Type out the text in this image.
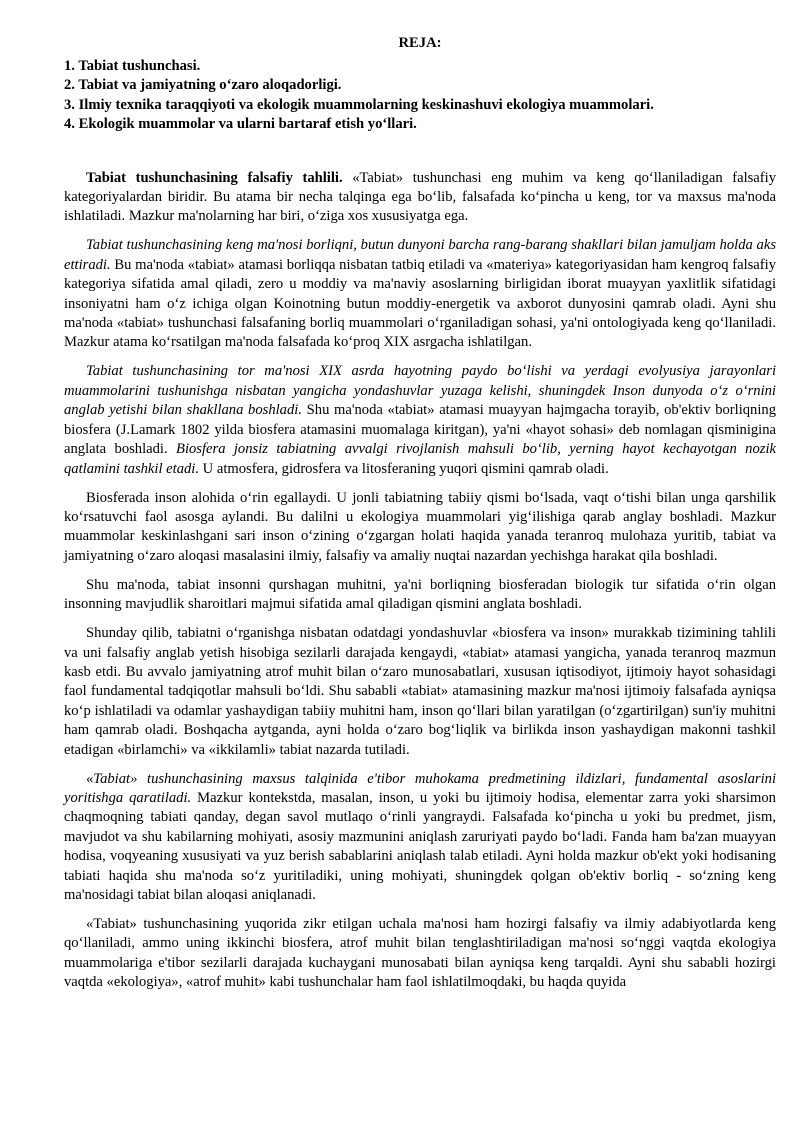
REJA:
1. Tabiat tushunchasi.
2. Tabiat va jamiyatning o‘zaro aloqadorligi.
3. Ilmiy texnika taraqqiyoti va ekologik muammolarning keskinashuvi ekologiya muammolari.
4. Ekologik muammolar va ularni bartaraf etish yo‘llari.

Tabiat tushunchasining falsafiy tahlili. «Tabiat» tushunchasi eng muhim va keng qo‘llaniladigan falsafiy kategoriyalardan biridir. Bu atama bir necha talqinga ega bo‘lib, falsafada ko‘pincha u keng, tor va maxsus ma'noda ishlatiladi. Mazkur ma'nolarning har biri, o‘ziga xos xususiyatga ega.

Tabiat tushunchasining keng ma'nosi borliqni, butun dunyoni barcha rang-barang shakllari bilan jamuljam holda aks ettiradi. Bu ma'noda «tabiat» atamasi borliqqa nisbatan tatbiq etiladi va «materiya» kategoriyasidan ham kengroq falsafiy kategoriya sifatida amal qiladi, zero u moddiy va ma'naviy asoslarning birligidan iborat muayyan yaxlitlik sifatidagi insoniyatni ham o‘z ichiga olgan Koinotning butun moddiy-energetik va axborot dunyosini qamrab oladi. Ayni shu ma'noda «tabiat» tushunchasi falsafaning borliq muammolari o‘rganiladigan sohasi, ya'ni ontologiyada keng qo‘llaniladi. Mazkur atama ko‘rsatilgan ma'noda falsafada ko‘proq XIX asrgacha ishlatilgan.

Tabiat tushunchasining tor ma'nosi XIX asrda hayotning paydo bo‘lishi va yerdagi evolyusiya jarayonlari muammolarini tushunishga nisbatan yangicha yondashuvlar yuzaga kelishi, shuningdek Inson dunyoda o‘z o‘rnini anglab yetishi bilan shakllana boshladi. Shu ma'noda «tabiat» atamasi muayyan hajmgacha torayib, ob'ektiv borliqning biosfera (J.Lamark 1802 yilda biosfera atamasini muomalaga kiritgan), ya'ni «hayot sohasi» deb nomlagan qisminigina anglata boshladi. Biosfera jonsiz tabiatning avvalgi rivojlanish mahsuli bo‘lib, yerning hayot kechayotgan nozik qatlamini tashkil etadi. U atmosfera, gidrosfera va litosferaning yuqori qismini qamrab oladi.

Biosferada inson alohida o‘rin egallaydi. U jonli tabiatning tabiiy qismi bo‘lsada, vaqt o‘tishi bilan unga qarshilik ko‘rsatuvchi faol asosga aylandi. Bu dalilni u ekologiya muammolari yig‘ilishiga qarab anglay boshladi. Mazkur muammolar keskinlashgani sari inson o‘zining o‘zgargan holati haqida yanada teranroq mulohaza yuritib, tabiat va jamiyatning o‘zaro aloqasi masalasini ilmiy, falsafiy va amaliy nuqtai nazardan yechishga harakat qila boshladi.

Shu ma'noda, tabiat insonni qurshagan muhitni, ya'ni borliqning biosferadan biologik tur sifatida o‘rin olgan insonning mavjudlik sharoitlari majmui sifatida amal qiladigan qismini anglata boshladi.

Shunday qilib, tabiatni o‘rganishga nisbatan odatdagi yondashuvlar «biosfera va inson» murakkab tizimining tahlili va uni falsafiy anglab yetish hisobiga sezilarli darajada kengaydi, «tabiat» atamasi yangicha, yanada teranroq mazmun kasb etdi. Bu avvalo jamiyatning atrof muhit bilan o‘zaro munosabatlari, xususan iqtisodiyot, ijtimoiy hayot sohasidagi faol fundamental tadqiqotlar mahsuli bo‘ldi. Shu sababli «tabiat» atamasining mazkur ma'nosi ijtimoiy falsafada ayniqsa ko‘p ishlatiladi va odamlar yashaydigan tabiiy muhitni ham, inson qo‘llari bilan yaratilgan (o‘zgartirilgan) sun'iy muhitni ham qamrab oladi. Boshqacha aytganda, ayni holda o‘zaro bog‘liqlik va birlikda inson yashaydigan makonni tashkil etadigan «birlamchi» va «ikkilamli» tabiat nazarda tutiladi.

«Tabiat» tushunchasining maxsus talqinida e'tibor muhokama predmetining ildizlari, fundamental asoslarini yoritishga qaratiladi. Mazkur kontekstda, masalan, inson, u yoki bu ijtimoiy hodisa, elementar zarra yoki sharsimon chaqmoqning tabiati qanday, degan savol mutlaqo o‘rinli yangraydi. Falsafada ko‘pincha u yoki bu predmet, jism, mavjudot va shu kabilarning mohiyati, asosiy mazmunini aniqlash zaruriyati paydo bo‘ladi. Fanda ham ba'zan muayyan hodisa, voqyeaning xususiyati va yuz berish sabablarini aniqlash talab etiladi. Ayni holda mazkur ob'ekt yoki hodisaning tabiati haqida shu ma'noda so‘z yuritiladiki, uning mohiyati, shuningdek qolgan ob'ektiv borliq - so‘zning keng ma'nosidagi tabiat bilan aloqasi aniqlanadi.

«Tabiat» tushunchasining yuqorida zikr etilgan uchala ma'nosi ham hozirgi falsafiy va ilmiy adabiyotlarda keng qo‘llaniladi, ammo uning ikkinchi biosfera, atrof muhit bilan tenglashtiriladigan ma'nosi so‘nggi vaqtda ekologiya muammolariga e'tibor sezilarli darajada kuchaygani munosabati bilan ayniqsa keng tarqaldi. Ayni shu sababli hozirgi vaqtda «ekologiya», «atrof muhit» kabi tushunchalar ham faol ishlatilmoqdaki, bu haqda quyida
